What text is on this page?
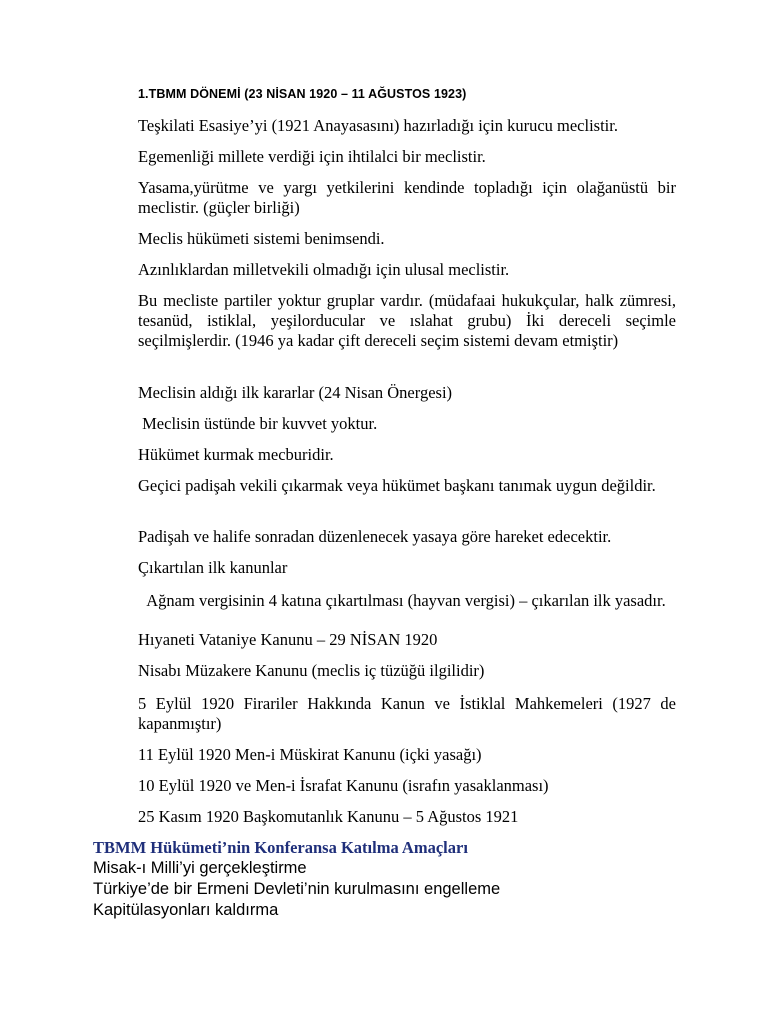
1.TBMM DÖNEMİ (23 NİSAN 1920 – 11 AĞUSTOS 1923)
Teşkilati Esasiye’yi (1921 Anayasasını) hazırladığı için kurucu meclistir.
Egemenliği millete verdiği için ihtilalci bir meclistir.
Yasama,yürütme ve yargı yetkilerini kendinde topladığı için olağanüstü bir meclistir. (güçler birliği)
Meclis hükümeti sistemi benimsendi.
Azınlıklardan milletvekili olmadığı için ulusal meclistir.
Bu mecliste partiler yoktur gruplar vardır. (müdafaai hukukçular, halk zümresi, tesanüd, istiklal, yeşilorducular ve ıslahat grubu) İki dereceli seçimle seçilmişlerdir. (1946 ya kadar çift dereceli seçim sistemi devam etmiştir)
Meclisin aldığı ilk kararlar (24 Nisan Önergesi)
Meclisin üstünde bir kuvvet yoktur.
Hükümet kurmak mecburidir.
Geçici padişah vekili çıkarmak veya hükümet başkanı tanımak uygun değildir.
Padişah ve halife sonradan düzenlenecek yasaya göre hareket edecektir.
Çıkartılan ilk kanunlar
Ağnam vergisinin 4 katına çıkartılması (hayvan vergisi) – çıkarılan ilk yasadır.
Hıyaneti Vataniye Kanunu – 29 NİSAN 1920
Nisabı Müzakere Kanunu (meclis iç tüzüğü ilgilidir)
5 Eylül 1920 Firariler Hakkında Kanun ve İstiklal Mahkemeleri (1927 de kapanmıştır)
11 Eylül 1920 Men-i Müskirat Kanunu (içki yasağı)
10 Eylül 1920 ve Men-i İsrafat Kanunu (israfın yasaklanması)
25 Kasım 1920 Başkomutanlık Kanunu – 5 Ağustos 1921
TBMM Hükümeti’nin Konferansa Katılma Amaçları
Misak-ı Milli’yi gerçekleştirme
Türkiye’de bir Ermeni Devleti’nin kurulmasını engelleme
Kapitülasyonları kaldırma
